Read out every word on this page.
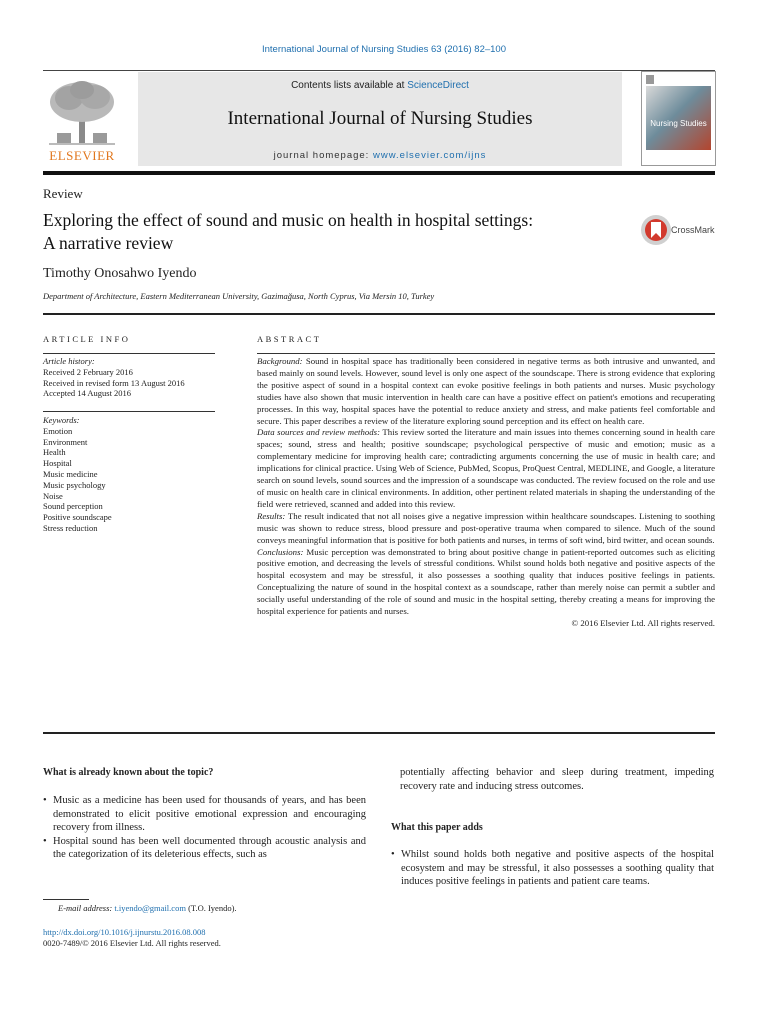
International Journal of Nursing Studies 63 (2016) 82–100
ELSEVIER
Contents lists available at ScienceDirect
International Journal of Nursing Studies
journal homepage: www.elsevier.com/ijns
Nursing Studies
Review
Exploring the effect of sound and music on health in hospital settings:
A narrative review
CrossMark
Timothy Onosahwo Iyendo
Department of Architecture, Eastern Mediterranean University, Gazimağusa, North Cyprus, Via Mersin 10, Turkey
ARTICLE INFO
Article history:
Received 2 February 2016
Received in revised form 13 August 2016
Accepted 14 August 2016
Keywords:
Emotion
Environment
Health
Hospital
Music medicine
Music psychology
Noise
Sound perception
Positive soundscape
Stress reduction
ABSTRACT
Background: Sound in hospital space has traditionally been considered in negative terms as both intrusive and unwanted, and based mainly on sound levels. However, sound level is only one aspect of the soundscape. There is strong evidence that exploring the positive aspect of sound in a hospital context can evoke positive feelings in both patients and nurses. Music psychology studies have also shown that music intervention in health care can have a positive effect on patient's emotions and recuperating processes. In this way, hospital spaces have the potential to reduce anxiety and stress, and make patients feel comfortable and secure. This paper describes a review of the literature exploring sound perception and its effect on health care.
Data sources and review methods: This review sorted the literature and main issues into themes concerning sound in health care spaces; sound, stress and health; positive soundscape; psychological perspective of music and emotion; music as a complementary medicine for improving health care; contradicting arguments concerning the use of music in health care; and implications for clinical practice. Using Web of Science, PubMed, Scopus, ProQuest Central, MEDLINE, and Google, a literature search on sound levels, sound sources and the impression of a soundscape was conducted. The review focused on the role and use of music on health care in clinical environments. In addition, other pertinent related materials in shaping the understanding of the field were retrieved, scanned and added into this review.
Results: The result indicated that not all noises give a negative impression within healthcare soundscapes. Listening to soothing music was shown to reduce stress, blood pressure and post-operative trauma when compared to silence. Much of the sound conveys meaningful information that is positive for both patients and nurses, in terms of soft wind, bird twitter, and ocean sounds.
Conclusions: Music perception was demonstrated to bring about positive change in patient-reported outcomes such as eliciting positive emotion, and decreasing the levels of stressful conditions. Whilst sound holds both negative and positive aspects of the hospital ecosystem and may be stressful, it also possesses a soothing quality that induces positive feelings in patients. Conceptualizing the nature of sound in the hospital context as a soundscape, rather than merely noise can permit a subtler and socially useful understanding of the role of sound and music in the hospital setting, thereby creating a means for improving the hospital experience for patients and nurses.
© 2016 Elsevier Ltd. All rights reserved.
What is already known about the topic?
• Music as a medicine has been used for thousands of years, and has been demonstrated to elicit positive emotional expression and encouraging recovery from illness.
• Hospital sound has been well documented through acoustic analysis and the categorization of its deleterious effects, such as
potentially affecting behavior and sleep during treatment, impeding recovery rate and inducing stress outcomes.
What this paper adds
• Whilst sound holds both negative and positive aspects of the hospital ecosystem and may be stressful, it also possesses a soothing quality that induces positive feelings in patients and patient care teams.
E-mail address: t.iyendo@gmail.com (T.O. Iyendo).
http://dx.doi.org/10.1016/j.ijnurstu.2016.08.008
0020-7489/© 2016 Elsevier Ltd. All rights reserved.
